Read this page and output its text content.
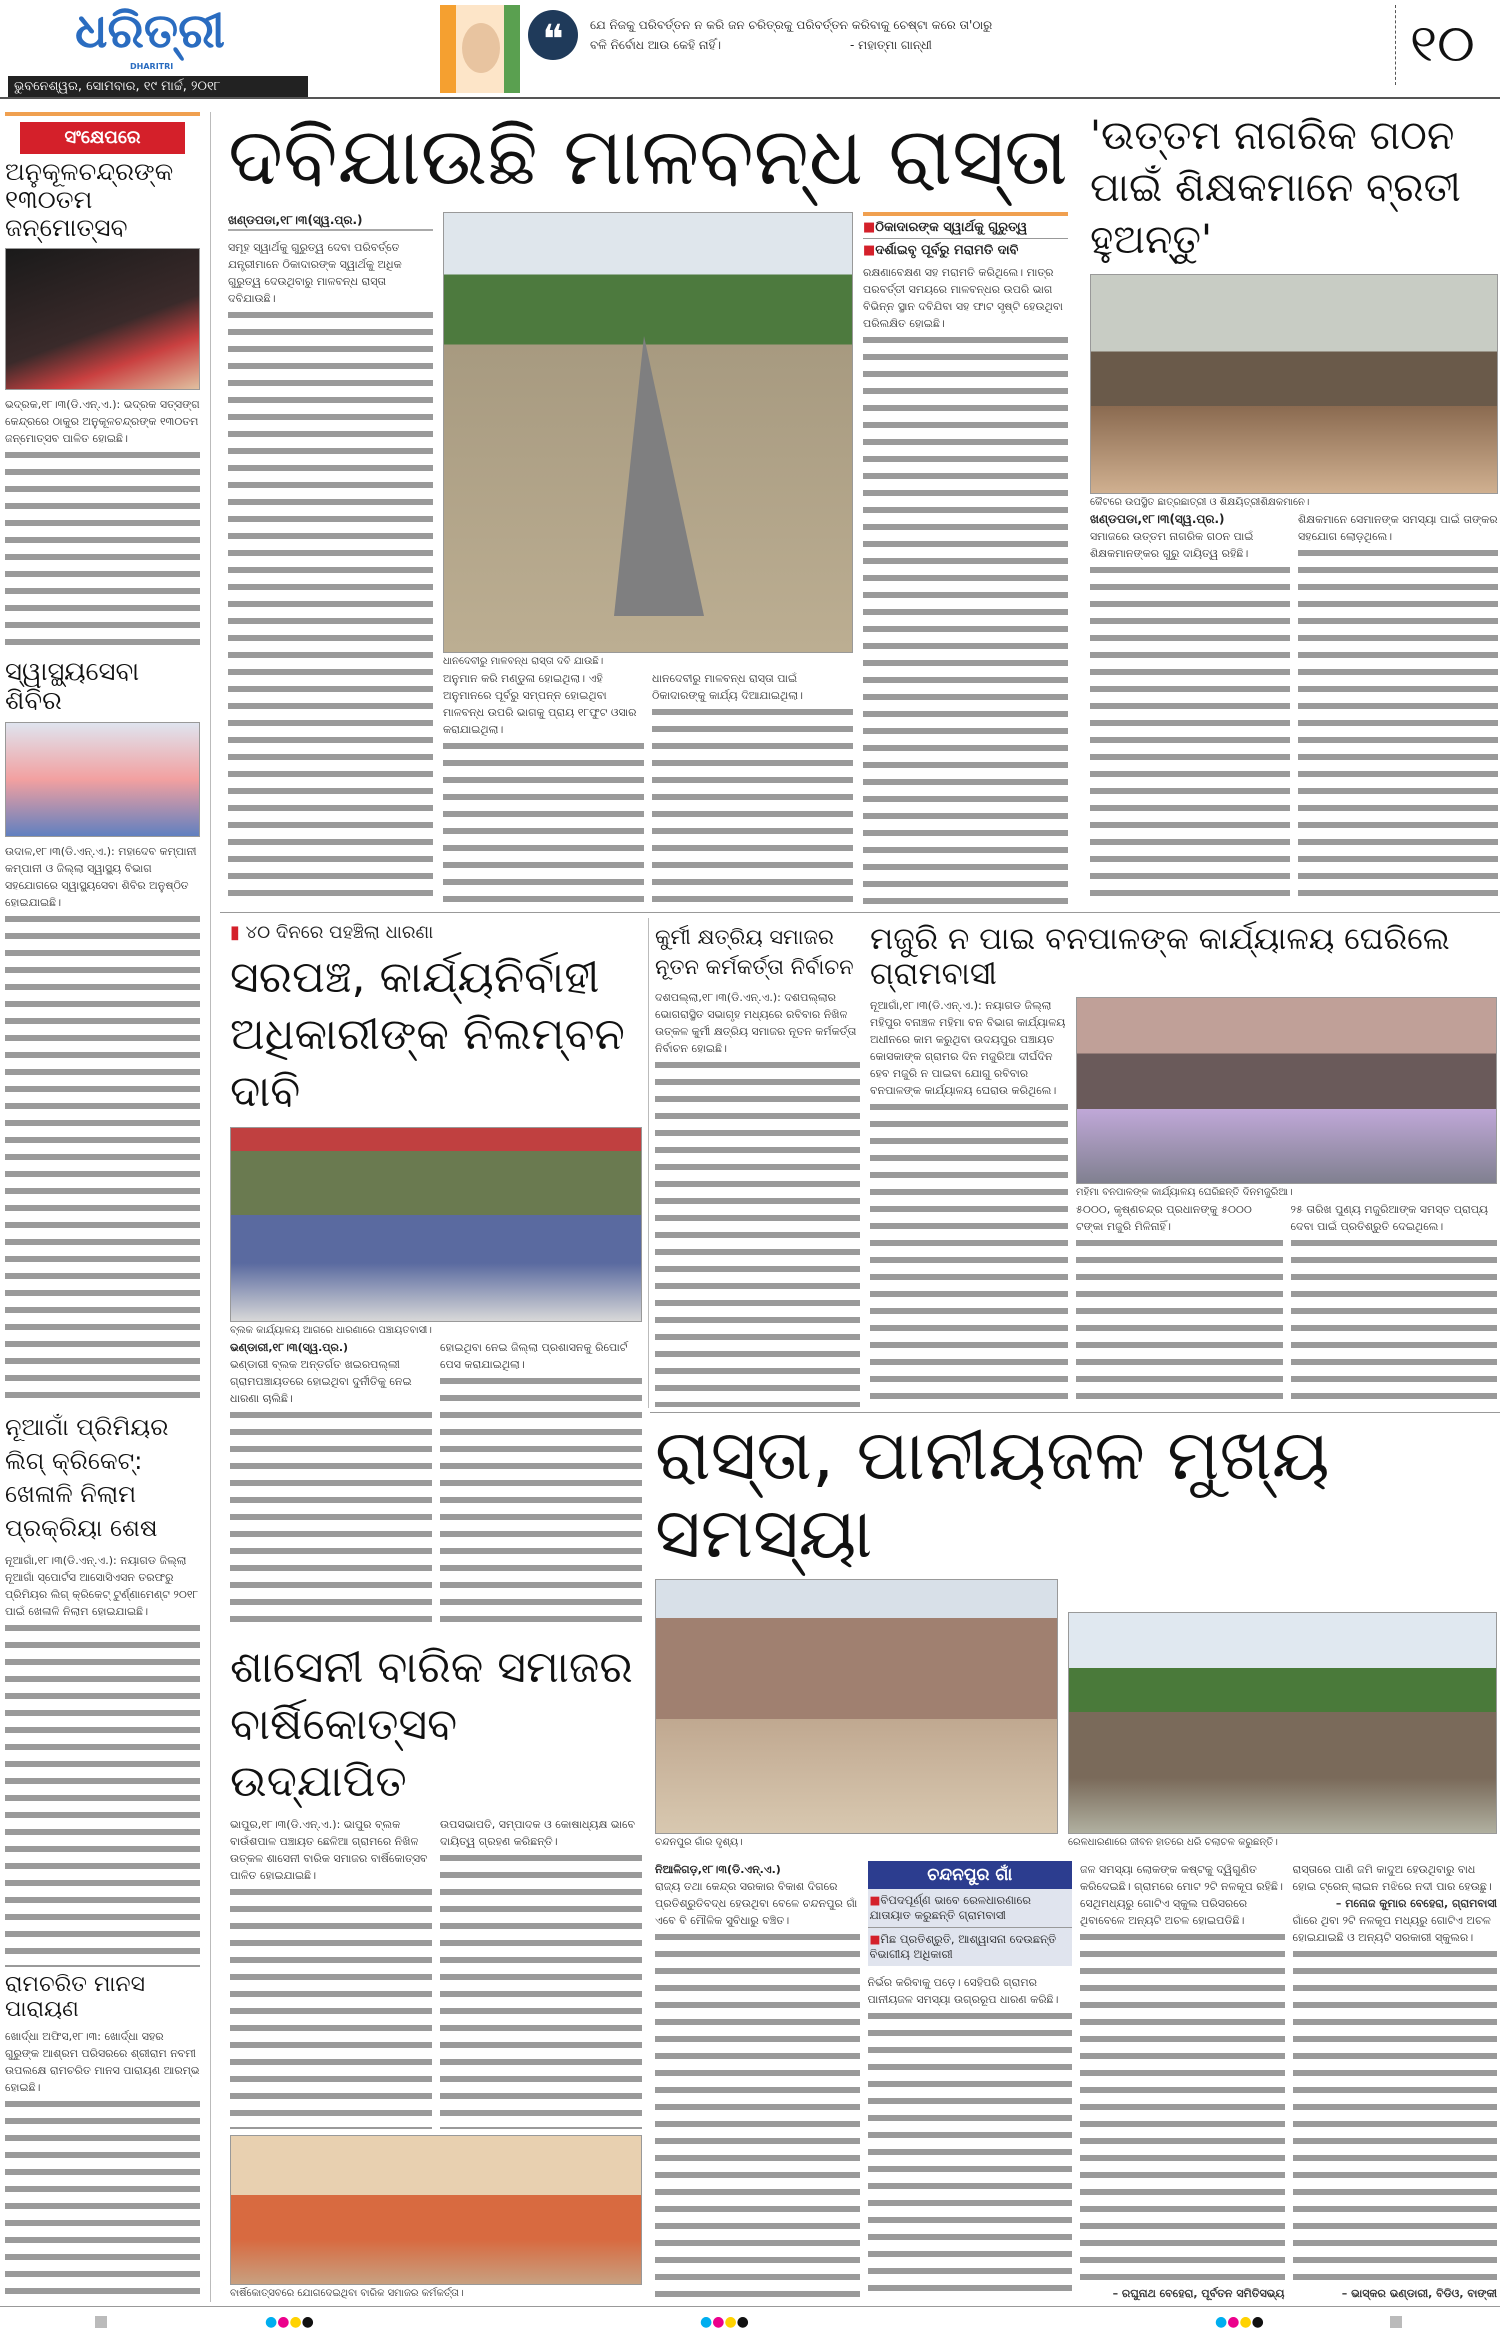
ଧରିତ୍ରୀ
DHARITRI
ଭୁବନେଶ୍ୱର, ସୋମବାର, ୧୯ ମାର୍ଚ୍ଚ, ୨୦୧୮
❝	ଯେ ନିଜକୁ ପରିବର୍ତ୍ତନ ନ କରି ଜନ ଚରିତ୍ରକୁ ପରିବର୍ତ୍ତନ କରିବାକୁ ଚେଷ୍ଟା କରେ ତା'ଠାରୁ
ବଳି ନିର୍ବୋଧ ଆଉ କେହି ନାହିଁ।	- ମହାତ୍ମା ଗାନ୍ଧୀ	୧୦
ସଂକ୍ଷେପରେ
ଅନୁକୂଳଚନ୍ଦ୍ରଙ୍କ ୧୩୦ତମ ଜନ୍ମୋତ୍ସବ
ଭଦ୍ରକ,୧୮।୩(ଡି.ଏନ୍.ଏ.): ଭଦ୍ରକ ସତ୍‌ସଙ୍ଗ କେନ୍ଦ୍ରରେ ଠାକୁର ଅନୁକୂଳଚନ୍ଦ୍ରଙ୍କ ୧୩୦ତମ ଜନ୍ମୋତ୍ସବ ପାଳିତ ହୋଇଛି।
ସ୍ୱାସ୍ଥ୍ୟସେବା ଶିବିର
ଉଦାଳ,୧୮।୩(ଡି.ଏନ୍.ଏ.): ମହାଦେବ କମ୍ପାନୀ କମ୍ପାନୀ ଓ ଜିଲ୍ଲା ସ୍ୱାସ୍ଥ୍ୟ ବିଭାଗ ସହଯୋଗରେ ସ୍ୱାସ୍ଥ୍ୟସେବା ଶିବିର ଅନୁଷ୍ଠିତ ହୋଇଯାଇଛି।
ନୂଆଗାଁ ପ୍ରିମିୟର ଲିଗ୍ କ୍ରିକେଟ୍: ଖେଳାଳି ନିଲାମ ପ୍ରକ୍ରିୟା ଶେଷ
ନୂଆଗାଁ,୧୮।୩(ଡି.ଏନ୍.ଏ.): ନୟାଗଡ ଜିଲ୍ଲା ନୂଆଗାଁ ସ୍ପୋର୍ଟସ ଆସୋସିଏସନ ତରଫରୁ ପ୍ରିମିୟର ଲିଗ୍ କ୍ରିକେଟ୍ ଟୁର୍ଣ୍ଣାମେଣ୍ଟ ୨୦୧୮ ପାଇଁ ଖେଳାଳି ନିଲାମ ହୋଇଯାଇଛି।
ରାମଚରିତ ମାନସ ପାରାୟଣ
ଖୋର୍ଦ୍ଧା ଅଫିସ,୧୮।୩: ଖୋର୍ଦ୍ଧା ସହର ଗୁରୁଙ୍କ ଆଶ୍ରମ ପରିସରରେ ଶ୍ରୀରାମ ନବମୀ ଉପଲକ୍ଷେ ରାମଚରିତ ମାନସ ପାରାୟଣ ଆରମ୍ଭ ହୋଇଛି।
ଦବିଯାଉଛି ମାଳବନ୍ଧ ରାସ୍ତା
ଖଣ୍ଡପଡା,୧୮।୩(ସ୍ୱ.ପ୍ର.)
ସମୂହ ସ୍ୱାର୍ଥକୁ ଗୁରୁତ୍ୱ ଦେବା ପରିବର୍ତ୍ତେ ଯନ୍ତ୍ରୀମାନେ ଠିକାଦାରଙ୍କ ସ୍ୱାର୍ଥକୁ ଅଧିକ ଗୁରୁତ୍ୱ ଦେଉଥିବାରୁ ମାଳବନ୍ଧ ରାସ୍ତା ଦବିଯାଉଛି।
ଧାନଦେବୀରୁ ମାଳବନ୍ଧ ରାସ୍ତା ଦବି ଯାଉଛି।
ଅନୁମାନ କରି ମଣ୍ଡୁଳା ହୋଇଥିଲା। ଏହି ଅନୁମାନରେ ପୂର୍ବରୁ ସମ୍ପନ୍ନ ହୋଇଥିବା ମାଳବନ୍ଧ ଉପରି ଭାଗକୁ ପ୍ରାୟ ୧୮ଫୁଟ ଓସାର କରାଯାଇଥିଲା।
ଧାନଦେବୀରୁ ମାଳବନ୍ଧ ରାସ୍ତା ପାଇଁ ଠିକାଦାରଙ୍କୁ କାର୍ଯ୍ୟ ଦିଆଯାଇଥିଲା।
■ଠିକାଦାରଙ୍କ ସ୍ୱାର୍ଥକୁ ଗୁରୁତ୍ୱ
■ଦର୍ଶାଇବୃ ପୂର୍ବରୁ ମରାମତି ଦାବି
ରକ୍ଷଣାବେକ୍ଷଣ ସହ ମରାମତି କରିଥିଲେ। ମାତ୍ର ପରବର୍ତ୍ତୀ ସମୟରେ ମାଳବନ୍ଧର ଉପରି ଭାଗ ବିଭିନ୍ନ ସ୍ଥାନ ଦବିଯିବା ସହ ଫାଟ ସୃଷ୍ଟି ହେଉଥିବା ପରିଲକ୍ଷିତ ହୋଇଛି।
'ଉତ୍ତମ ନାଗରିକ ଗଠନ ପାଇଁ ଶିକ୍ଷକମାନେ ବ୍ରତୀ ହୁଅନ୍ତୁ'
କୈଟରେ ଉପସ୍ଥିତ ଛାତ୍ରଛାତ୍ରୀ ଓ ଶିକ୍ଷୟିତ୍ରୀଶିକ୍ଷକମାନେ।
ଖଣ୍ଡପଡା,୧୮।୩(ସ୍ୱ.ପ୍ର.)
ସମାଜରେ ଉତ୍ତମ ନାଗରିକ ଗଠନ ପାଇଁ ଶିକ୍ଷକମାନଙ୍କର ଗୁରୁ ଦାୟିତ୍ୱ ରହିଛି।
ଶିକ୍ଷକମାନେ ସେମାନଙ୍କ ସମସ୍ୟା ପାଇଁ ତାଙ୍କର ସହଯୋଗ ଲୋଡ଼ଥିଲେ।
▮ ୪୦ ଦିନରେ ପହଞ୍ଚିଲା ଧାରଣା
ସରପଞ୍ଚ, କାର୍ଯ୍ୟନିର୍ବାହୀ ଅଧିକାରୀଙ୍କ ନିଲମ୍ବନ ଦାବି
ବ୍ଲକ କାର୍ଯ୍ୟାଳୟ ଆଗରେ ଧାରଣାରେ ପଞ୍ଚାୟତବାସୀ।
ଭଣ୍ଡାରୀ,୧୮।୩(ସ୍ୱ.ପ୍ର.)
ଭଣ୍ଡାରୀ ବ୍ଲକ ଅନ୍ତର୍ଗତ ଖଇରପଲ୍ଲୀ ଗ୍ରାମପଞ୍ଚାୟତରେ ହୋଇଥିବା ଦୁର୍ନୀତିକୁ ନେଇ ଧାରଣା ଚାଲିଛି।
ହୋଇଥିବା ନେଇ ଜିଲ୍ଲା ପ୍ରଶାସନକୁ ରିପୋର୍ଟ ପେସ କରାଯାଇଥିଲା।
ଶାସେନୀ ବାରିକ ସମାଜର ବାର୍ଷିକୋତ୍ସବ ଉଦ୍‌ଯାପିତ
ଭାପୁର,୧୮।୩(ଡି.ଏନ୍.ଏ.): ଭାପୁର ବ୍ଲକ ବାଉଁଶପାଳ ପଞ୍ଚାୟତ ଛେଳିଆ ଗ୍ରାମରେ ନିଖିଳ ଉତ୍କଳ ଶାସେନୀ ବାରିକ ସମାଜର ବାର୍ଷିକୋତ୍ସବ ପାଳିତ ହୋଇଯାଇଛି।
ଉପସଭାପତି, ସମ୍ପାଦକ ଓ କୋଷାଧ୍ୟକ୍ଷ ଭାବେ ଦାୟିତ୍ୱ ଗ୍ରହଣ କରିଛନ୍ତି।
ବାର୍ଷିକୋତ୍ସବରେ ଯୋଗଦେଇଥିବା ବାରିକ ସମାଜର କର୍ମକର୍ତ୍ତା।
କୁର୍ମୀ କ୍ଷତ୍ରିୟ ସମାଜର ନୂତନ କର୍ମକର୍ତ୍ତା ନିର୍ବାଚନ
ଦଶପଲ୍ଲା,୧୮।୩(ଡି.ଏନ୍.ଏ.): ଦଶପଲ୍ଲାର ଭୋଗରାସ୍ଥିତ ସଭାଗୃହ ମଧ୍ୟରେ ରବିବାର ନିଖିଳ ଉତ୍କଳ କୁର୍ମୀ କ୍ଷତ୍ରିୟ ସମାଜର ନୂତନ କର୍ମକର୍ତ୍ତା ନିର୍ବାଚନ ହୋଇଛି।
ମଜୁରି ନ ପାଇ ବନପାଳଙ୍କ କାର୍ଯ୍ୟାଳୟ ଘେରିଲେ ଗ୍ରାମବାସୀ
ନୂଆଗାଁ,୧୮।୩(ଡି.ଏନ୍.ଏ.): ନୟାଗଡ ଜିଲ୍ଲା ମହିପୁର ବନାଞ୍ଚଳ ମହିମା ବନ ବିଭାଗ କାର୍ଯ୍ୟାଳୟ ଅଧୀନରେ କାମ କରୁଥିବା ଉଦୟପୁର ପଞ୍ଚାୟତ କୋସକାଙ୍କ ଗ୍ରାମର ଦିନ ମଜୁରିଆ ଦୀର୍ଘଦିନ ହେବ ମଜୁରି ନ ପାଇବା ଯୋଗୁ ରବିବାର ବନପାଳଙ୍କ କାର୍ଯ୍ୟାଳୟ ଘେରାଉ କରିଥିଲେ।
ମହିମା ବନପାଳଙ୍କ କାର୍ଯ୍ୟାଳୟ ଘେରିଛନ୍ତି ଦିନମଜୁରିଆ।
୫୦୦୦, କୃଷ୍ଣଚନ୍ଦ୍ର ପ୍ରଧାନଙ୍କୁ ୫୦୦୦ ଟଙ୍କା ମଜୁରି ମିଳିନାହିଁ।
୨୫ ତାରିଖ ପୁଣ୍ୟ ମଜୁରିଆଙ୍କ ସମସ୍ତ ପ୍ରାପ୍ୟ ଦେବା ପାଇଁ ପ୍ରତିଶ୍ରୁତି ଦେଇଥିଲେ।
ରାସ୍ତା, ପାନୀୟଜଳ ମୁଖ୍ୟ ସମସ୍ୟା
ଚନ୍ଦନପୁର ଗାଁର ଦୃଶ୍ୟ।	ରେଳଧାରଣାରେ ଜୀବନ ହାତରେ ଧରି ଚଲାଚଳ କରୁଛନ୍ତି।
ନିଆଳିଗଡ଼,୧୮।୩(ଡି.ଏନ୍.ଏ.)
ରାଜ୍ୟ ତଥା କେନ୍ଦ୍ର ସରକାର ବିକାଶ ଦିଗରେ ପ୍ରତିଶ୍ରୁତିବଦ୍ଧ ହେଉଥିବା ବେଳେ ଚନ୍ଦନପୁର ଗାଁ ଏବେ ବି ମୌଳିକ ସୁବିଧାରୁ ବଞ୍ଚିତ।
ଚନ୍ଦନପୁର ଗାଁ
■ବିପଦପୂର୍ଣ୍ଣ ଭାବେ ରେଳଧାରଣାରେ ଯାତାୟାତ କରୁଛନ୍ତି ଗ୍ରାମବାସୀ
■ମିଛ ପ୍ରତିଶ୍ରୁତି, ଆଶ୍ୱାସନା ଦେଉଛନ୍ତି ବିଭାଗୀୟ ଅଧିକାରୀ
ନିର୍ଭର କରିବାକୁ ପଡ଼େ। ସେହିପରି ଗ୍ରାମର ପାନୀୟଜଳ ସମସ୍ୟା ଉଗ୍ରରୂପ ଧାରଣ କରିଛି।
ଜଳ ସମସ୍ୟା ଲୋକଙ୍କ କଷ୍ଟକୁ ଦ୍ୱିଗୁଣିତ କରିଦେଇଛି। ଗ୍ରାମରେ ମୋଟ ୨ଟି ନଳକୂପ ରହିଛି। ସେଥିମଧ୍ୟରୁ ଗୋଟିଏ ସ୍କୁଲ ପରିସରରେ ଥିବାବେଳେ ଅନ୍ୟଟି ଅଚଳ ହୋଇପଡିଛି।
– ରଘୁନାଥ ବେହେରା, ପୂର୍ବତନ ସମିତିସଭ୍ୟ
ରାସ୍ତାରେ ପାଣି ଜମି କାଦୁଅ ହେଉଥିବାରୁ ବାଧ ହୋଇ ଟ୍ରେନ୍ ଲାଇନ ମଝିରେ ନଦୀ ପାର ହେଉଛୁ।
– ମନୋଜ କୁମାର ବେହେରା, ଗ୍ରାମବାସୀ
ଗାଁରେ ଥିବା ୨ଟି ନଳକୂପ ମଧ୍ୟରୁ ଗୋଟିଏ ଅଚଳ ହୋଇଯାଇଛି ଓ ଅନ୍ୟଟି ସରକାରୀ ସ୍କୁଲର।
– ଭାସ୍କର ଭଣ୍ଡାରୀ, ବିଡିଓ, ବାଙ୍କୀ
●●●●	●●●●	●●●●
